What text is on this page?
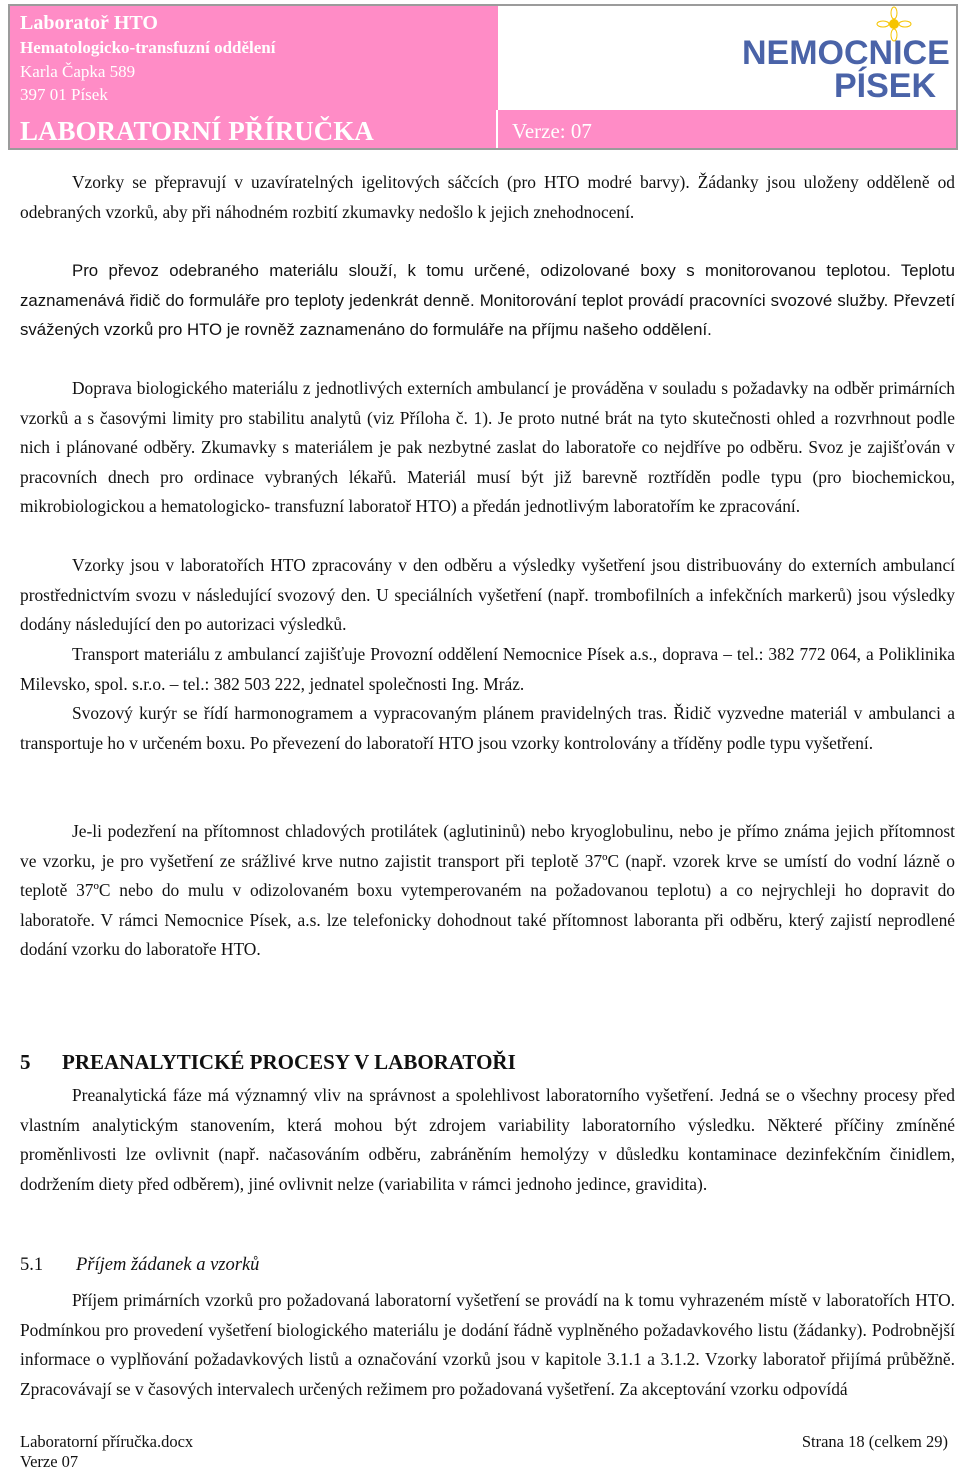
Laboratoř HTO
Hematologicko-transfuzní oddělení
Karla Čapka 589
397 01 Písek
NEMOCNICE
PÍSEK
LABORATORNÍ PŘÍRUČKA	Verze: 07

Vzorky se přepravují v uzavíratelných igelitových sáčcích (pro HTO modré barvy). Žádanky jsou uloženy odděleně od odebraných vzorků, aby při náhodném rozbití zkumavky nedošlo k jejich znehodnocení.

Pro převoz odebraného materiálu slouží, k tomu určené, odizolované boxy s monitorovanou teplotou. Teplotu zaznamenává řidič do formuláře pro teploty jedenkrát denně. Monitorování teplot provádí pracovníci svozové služby. Převzetí svážených vzorků pro HTO je rovněž zaznamenáno do formuláře na příjmu našeho oddělení.

Doprava biologického materiálu z jednotlivých externích ambulancí je prováděna v souladu s požadavky na odběr primárních vzorků a s časovými limity pro stabilitu analytů (viz Příloha č. 1). Je proto nutné brát na tyto skutečnosti ohled a rozvrhnout podle nich i plánované odběry. Zkumavky s materiálem je pak nezbytné zaslat do laboratoře co nejdříve po odběru. Svoz je zajišťován v pracovních dnech pro ordinace vybraných lékařů. Materiál musí být již barevně roztříděn podle typu (pro biochemickou, mikrobiologickou a hematologicko- transfuzní laboratoř HTO) a předán jednotlivým laboratořím ke zpracování.

Vzorky jsou v laboratořích HTO zpracovány v den odběru a výsledky vyšetření jsou distribuovány do externích ambulancí prostřednictvím svozu v následující svozový den. U speciálních vyšetření (např. trombofilních a infekčních markerů) jsou výsledky dodány následující den po autorizaci výsledků.

Transport materiálu z ambulancí zajišťuje Provozní oddělení Nemocnice Písek a.s., doprava – tel.: 382 772 064, a Poliklinika Milevsko, spol. s.r.o. – tel.: 382 503 222, jednatel společnosti Ing. Mráz.

Svozový kurýr se řídí harmonogramem a vypracovaným plánem pravidelných tras. Řidič vyzvedne materiál v ambulanci a transportuje ho v určeném boxu. Po převezení do laboratoří HTO jsou vzorky kontrolovány a tříděny podle typu vyšetření.

Je-li podezření na přítomnost chladových protilátek (aglutininů) nebo kryoglobulinu, nebo je přímo známa jejich přítomnost ve vzorku, je pro vyšetření ze srážlivé krve nutno zajistit transport při teplotě 37ºC (např. vzorek krve se umístí do vodní lázně o teplotě 37ºC nebo do mulu v odizolovaném boxu vytemperovaném na požadovanou teplotu) a co nejrychleji ho dopravit do laboratoře. V rámci Nemocnice Písek, a.s. lze telefonicky dohodnout také přítomnost laboranta při odběru, který zajistí neprodlené dodání vzorku do laboratoře HTO.

5 PREANALYTICKÉ PROCESY V LABORATOŘI

Preanalytická fáze má významný vliv na správnost a spolehlivost laboratorního vyšetření. Jedná se o všechny procesy před vlastním analytickým stanovením, která mohou být zdrojem variability laboratorního výsledku. Některé příčiny zmíněné proměnlivosti lze ovlivnit (např. načasováním odběru, zabráněním hemolýzy v důsledku kontaminace dezinfekčním činidlem, dodržením diety před odběrem), jiné ovlivnit nelze (variabilita v rámci jednoho jedince, gravidita).

5.1 Příjem žádanek a vzorků

Příjem primárních vzorků pro požadovaná laboratorní vyšetření se provádí na k tomu vyhrazeném místě v laboratořích HTO. Podmínkou pro provedení vyšetření biologického materiálu je dodání řádně vyplněného požadavkového listu (žádanky). Podrobnější informace o vyplňování požadavkových listů a označování vzorků jsou v kapitole 3.1.1 a 3.1.2. Vzorky laboratoř přijímá průběžně. Zpracovávají se v časových intervalech určených režimem pro požadovaná vyšetření. Za akceptování vzorku odpovídá

Laboratorní příručka.docx
Verze 07
Strana 18 (celkem 29)
